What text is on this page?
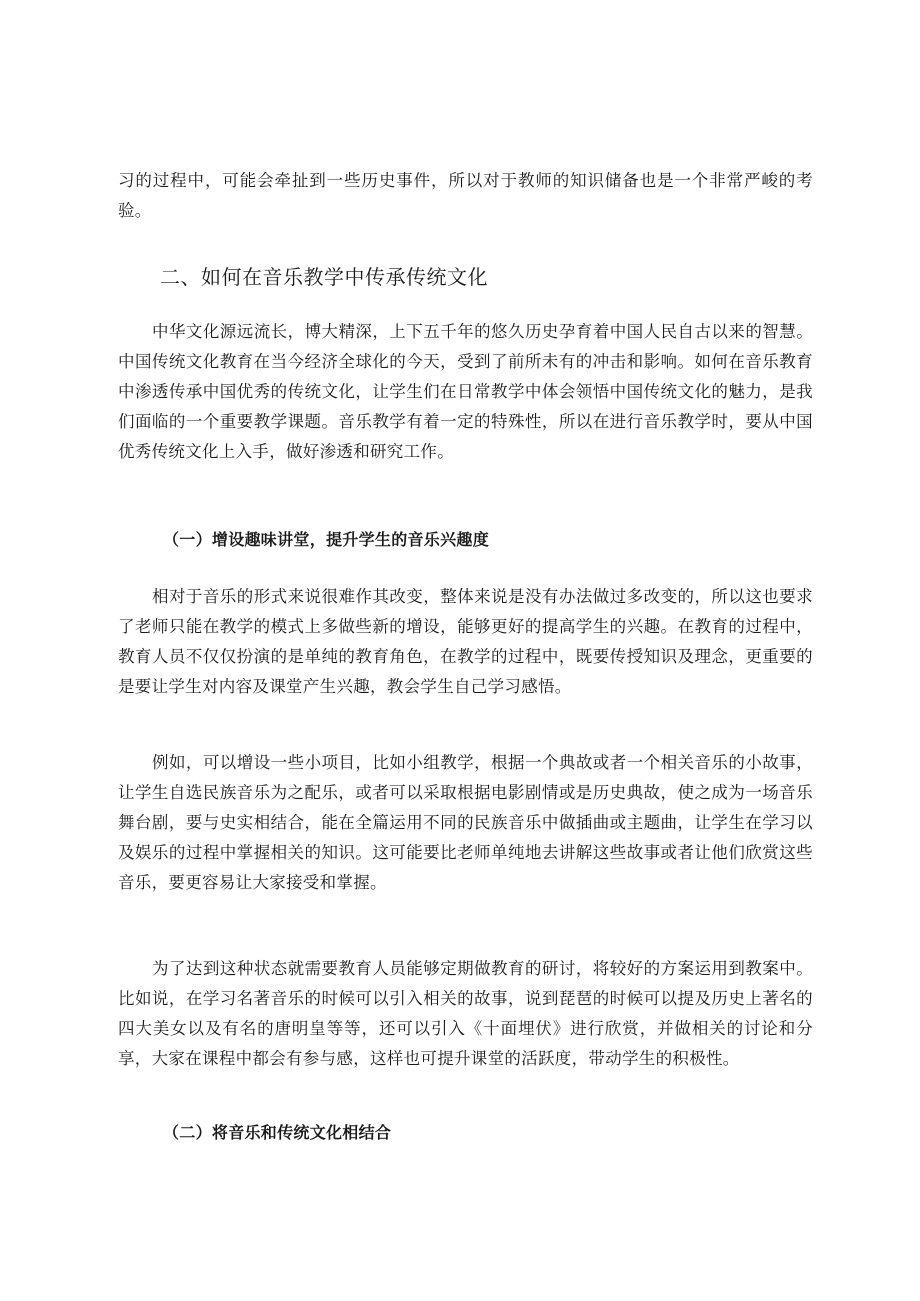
习的过程中，可能会牵扯到一些历史事件，所以对于教师的知识储备也是一个非常严峻的考验。

二、如何在音乐教学中传承传统文化

中华文化源远流长，博大精深，上下五千年的悠久历史孕育着中国人民自古以来的智慧。中国传统文化教育在当今经济全球化的今天，受到了前所未有的冲击和影响。如何在音乐教育中渗透传承中国优秀的传统文化，让学生们在日常教学中体会领悟中国传统文化的魅力，是我们面临的一个重要教学课题。音乐教学有着一定的特殊性，所以在进行音乐教学时，要从中国优秀传统文化上入手，做好渗透和研究工作。

（一）增设趣味讲堂，提升学生的音乐兴趣度

相对于音乐的形式来说很难作其改变，整体来说是没有办法做过多改变的，所以这也要求了老师只能在教学的模式上多做些新的增设，能够更好的提高学生的兴趣。在教育的过程中，教育人员不仅仅扮演的是单纯的教育角色，在教学的过程中，既要传授知识及理念，更重要的是要让学生对内容及课堂产生兴趣，教会学生自己学习感悟。

例如，可以增设一些小项目，比如小组教学，根据一个典故或者一个相关音乐的小故事，让学生自选民族音乐为之配乐，或者可以采取根据电影剧情或是历史典故，使之成为一场音乐舞台剧，要与史实相结合，能在全篇运用不同的民族音乐中做插曲或主题曲，让学生在学习以及娱乐的过程中掌握相关的知识。这可能要比老师单纯地去讲解这些故事或者让他们欣赏这些音乐，要更容易让大家接受和掌握。

为了达到这种状态就需要教育人员能够定期做教育的研讨，将较好的方案运用到教案中。比如说，在学习名著音乐的时候可以引入相关的故事，说到琵琶的时候可以提及历史上著名的四大美女以及有名的唐明皇等等，还可以引入《十面埋伏》进行欣赏，并做相关的讨论和分享，大家在课程中都会有参与感，这样也可提升课堂的活跃度，带动学生的积极性。

（二）将音乐和传统文化相结合
